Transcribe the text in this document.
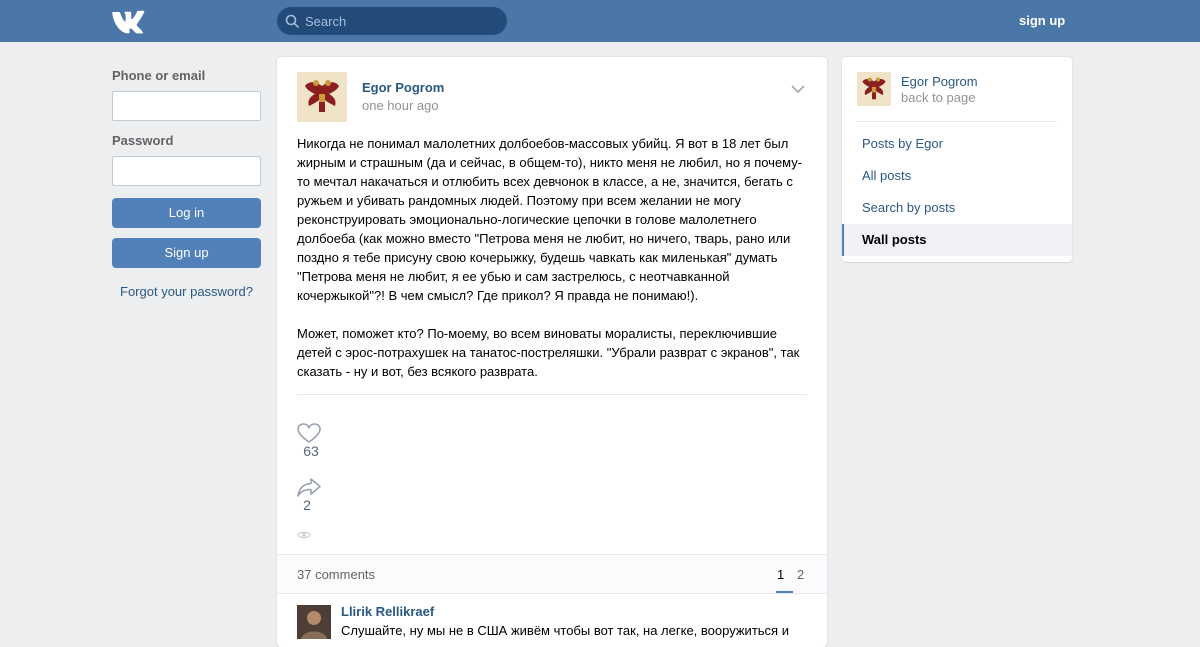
Search
sign up
Phone or email
Password
Log in
Sign up
Forgot your password?
Egor Pogrom
one hour ago
Никогда не понимал малолетних долбоебов-массовых убийц. Я вот в 18 лет был жирным и страшным (да и сейчас, в общем-то), никто меня не любил, но я почему-то мечтал накачаться и отлюбить всех девчонок в классе, а не, значится, бегать с ружьем и убивать рандомных людей. Поэтому при всем желании не могу реконструировать эмоционально-логические цепочки в голове малолетнего долбоеба (как можно вместо "Петрова меня не любит, но ничего, тварь, рано или поздно я тебе присуну свою кочерыжку, будешь чавкать как миленькая" думать "Петрова меня не любит, я ее убью и сам застрелюсь, с неотчавканной кочержыкой"?! В чем смысл? Где прикол? Я правда не понимаю!).

Может, поможет кто? По-моему, во всем виноваты моралисты, переключившие детей с эрос-потрахушек на танатос-постреляшки. "Убрали разврат с экранов", так сказать - ну и вот, без всякого разврата.
63
2
37 comments	1 2
Llirik Rellikraef
Слушайте, ну мы не в США живём чтобы вот так, на легке, вооружиться и
Egor Pogrom
back to page
Posts by Egor
All posts
Search by posts
Wall posts
